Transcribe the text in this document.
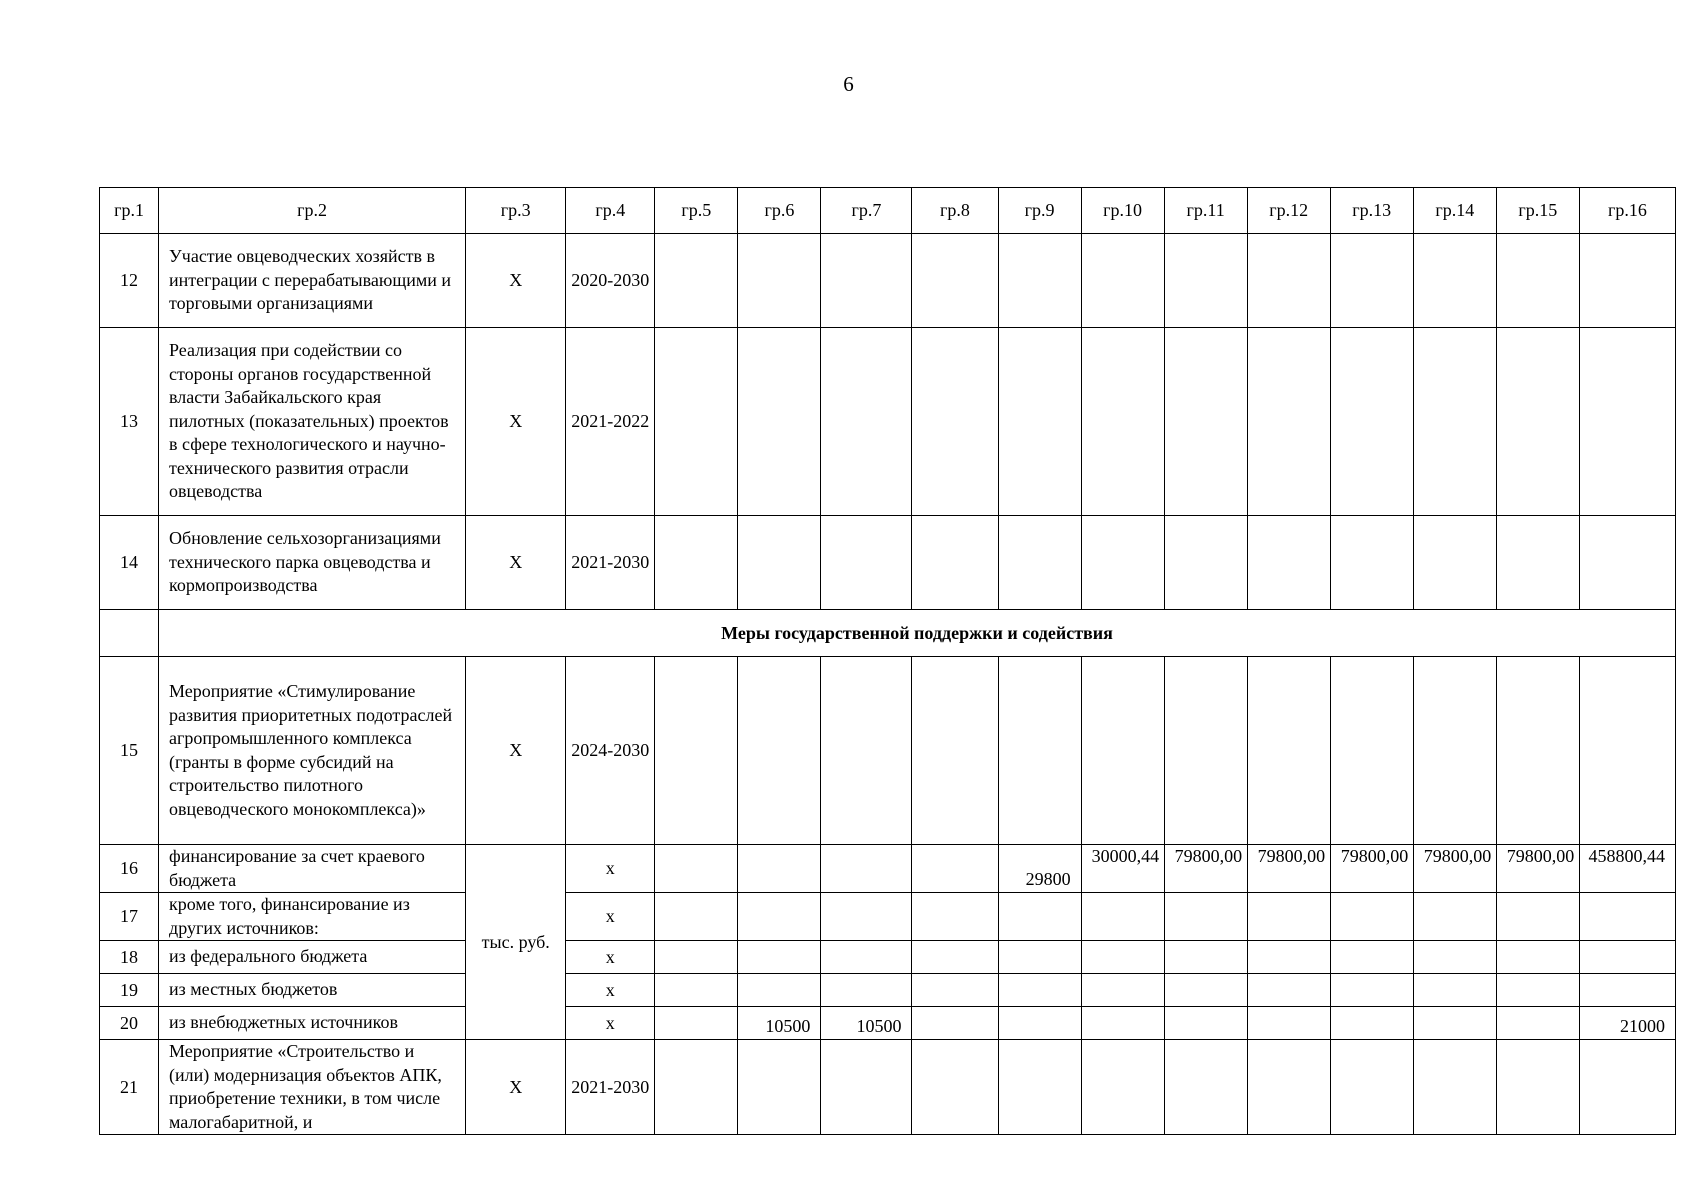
6
гр.1	гр.2	гр.3	гр.4	гр.5	гр.6	гр.7	гр.8	гр.9	гр.10	гр.11	гр.12	гр.13	гр.14	гр.15	гр.16
12	Участие овцеводческих хозяйств в интеграции с перерабатывающими и торговыми организациями	Х	2020-2030												
13	Реализация при содействии со стороны органов государственной власти Забайкальского края пилотных (показательных) проектов в сфере технологического и научно-технического развития отрасли овцеводства	Х	2021-2022												
14	Обновление сельхозорганизациями технического парка овцеводства и кормопроизводства	Х	2021-2030												
	Меры государственной поддержки и содействия														
15	Мероприятие «Стимулирование развития приоритетных подотраслей агропромышленного комплекса (гранты в форме субсидий на строительство пилотного овцеводческого монокомплекса)»	Х	2024-2030												
16	финансирование за счет краевого бюджета	тыс. руб.	х					29800	30000,44	79800,00	79800,00	79800,00	79800,00	79800,00	458800,44
17	кроме того, финансирование из других источников:		х												
18	из федерального бюджета		х												
19	из местных бюджетов		х												
20	из внебюджетных источников		х		10500	10500									21000
21	Мероприятие «Строительство и (или) модернизация объектов АПК, приобретение техники, в том числе малогабаритной, и	Х	2021-2030												
